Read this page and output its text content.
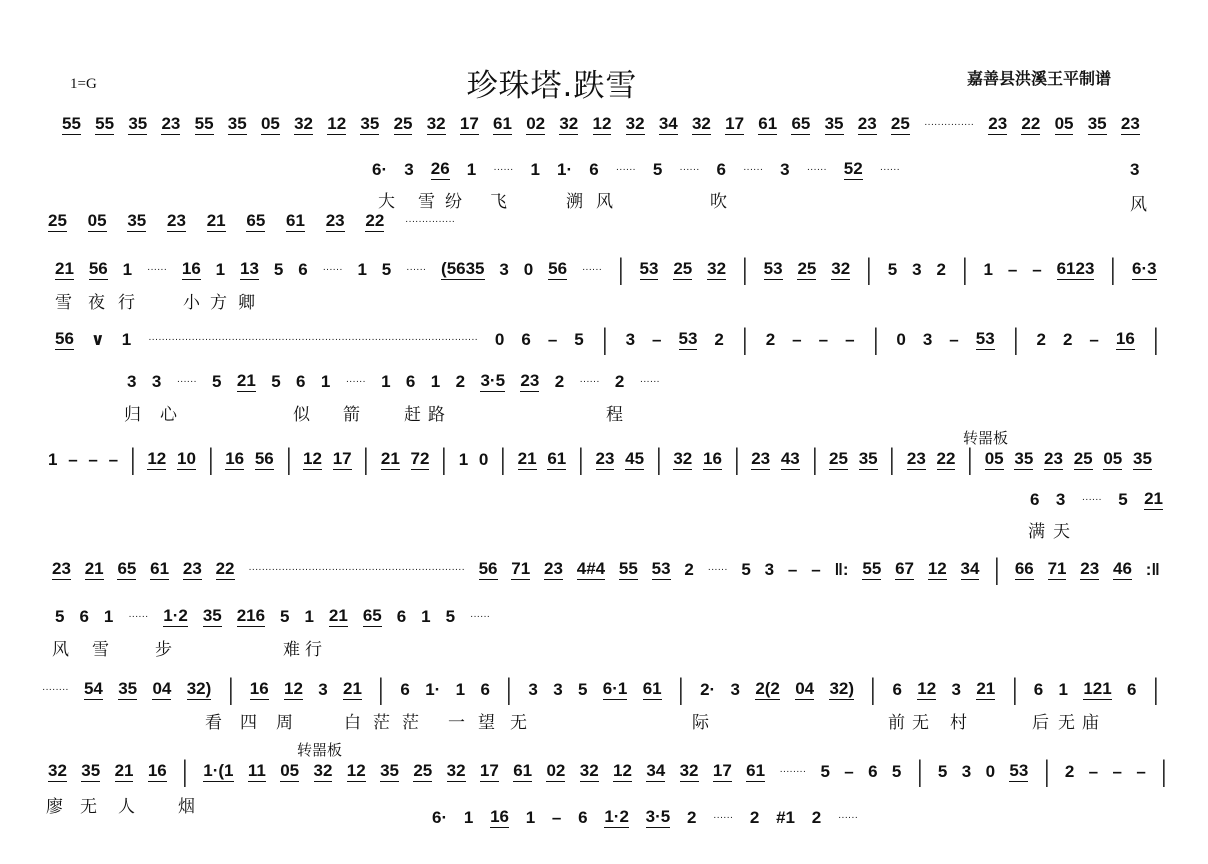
1=G	珍珠塔.跌雪	嘉善县洪溪王平制谱
转噐板
转噐板
55 55 35 23 55 35 05 32 12 35 25 32 17 61 02 32 12 32 34 32 17 61 65 35 23 25 ··············· 23 22 05 35 23
6· 3 26 1 ······ 1 1· 6 ······ 5 ······ 6 ······ 3 ······ 52 ······	3
25 05 35 23 21 65 61 23 22 ···············
21 56 1 ······ 16 1 13 5 6 ······ 1 5 ······ (5635 3 0 56 ······ | 53 25 32 | 53 25 32 | 5 3 2 | 1 – – 6123 | 6·3
56 ∨ 1 ··································································································· 0 6 – 5 | 3 – 53 2 | 2 – – – | 0 3 – 53 | 2 2 – 16 |
3 3 ······ 5 21 5 6 1 ······ 1 6 1 2 3·5 23 2 ······ 2 ······
1 – – – | 12 10 | 16 56 | 12 17 | 21 72 | 1 0 | 21 61 | 23 45 | 32 16 | 23 43 | 25 35 | 23 22 | 05 35 23 25 05 35
6 3 ······ 5 21
23 21 65 61 23 22 ································································· 56 71 23 4#4 55 53 2 ······ 5 3 – – ‖: 55 67 12 34 | 66 71 23 46 :‖
5 6 1 ······ 1·2 35 216 5 1 21 65 6 1 5 ······
········ 54 35 04 32) | 16 12 3 21 | 6 1· 1 6 | 3 3 5 6·1 61 | 2· 3 2(2 04 32) | 6 12 3 21 | 6 1 121 6 |
32 35 21 16 | 1·(1 11 05 32 12 35 25 32 17 61 02 32 12 34 32 17 61 ········ 5 – 6 5 | 5 3 0 53 | 2 – – – |
6· 1 16 1 – 6 1·2 3·5 2 ······ 2 #1 2 ······
大 雪 纷 飞	溯 风	吹	风
雪 夜 行	小 方 卿
归 心	似 箭	赶 路	程
满 天
风 雪	步	难 行
看 四 周	白 茫 茫 一 望 无	际	前 无 村	后 无 庙
廖 无 人	烟
